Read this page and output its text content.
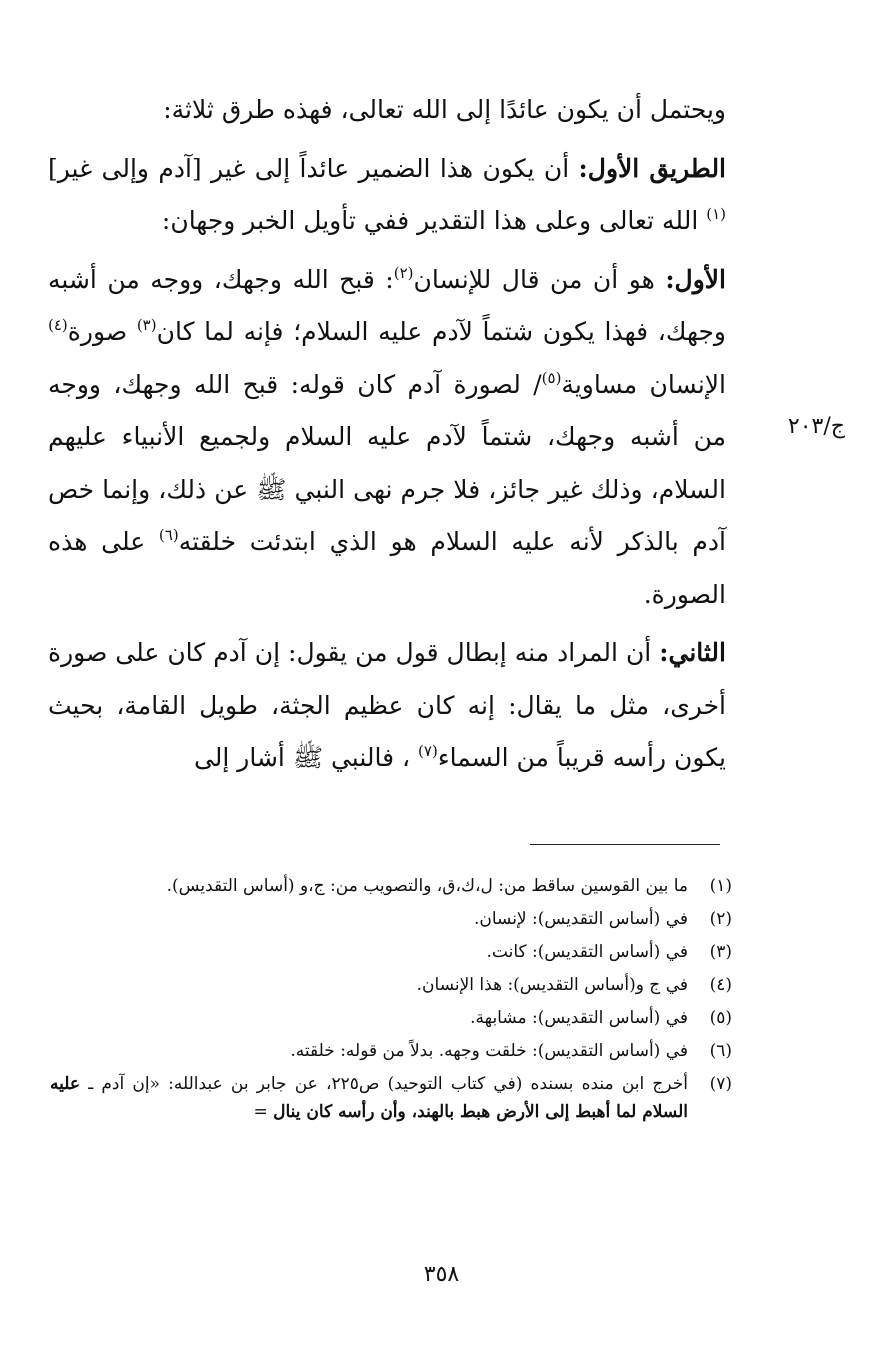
ويحتمل أن يكون عائدًا إلى الله تعالى، فهذه طرق ثلاثة:

الطريق الأول: أن يكون هذا الضمير عائداً إلى غير [آدم وإلى غير]$^{(١)}$ الله تعالى وعلى هذا التقدير ففي تأويل الخبر وجهان:

الأول: هو أن من قال للإنسان$^{(٢)}$: قبح الله وجهك، ووجه من أشبه وجهك، فهذا يكون شتماً لآدم عليه السلام؛ فإنه لما كان$^{(٣)}$ صورة$^{(٤)}$ الإنسان مساوية$^{(٥)}$/ لصورة آدم كان قوله: قبح الله وجهك، ووجه من أشبه وجهك، شتماً لآدم عليه السلام ولجميع الأنبياء عليهم السلام، وذلك غير جائز، فلا جرم نهى النبي ﷺ عن ذلك، وإنما خص آدم بالذكر لأنه عليه السلام هو الذي ابتدئت خلقته$^{(٦)}$ على هذه الصورة.

الثاني: أن المراد منه إبطال قول من يقول: إن آدم كان على صورة أخرى، مثل ما يقال: إنه كان عظيم الجثة، طويل القامة، بحيث يكون رأسه قريباً من السماء$^{(٧)}$ ، فالنبي ﷺ أشار إلى

ج/٢٠٣
(١)
ما بين القوسين ساقط من: ل،ك،ق، والتصويب من: ج،و (أساس التقديس).
(٢)
في (أساس التقديس): لإنسان.
(٣)
في (أساس التقديس): كانت.
(٤)
في ج و(أساس التقديس): هذا الإنسان.
(٥)
في (أساس التقديس): مشابهة.
(٦)
في (أساس التقديس): خلقت وجهه. بدلاً من قوله: خلقته.
(٧)
أخرج ابن منده بسنده (في كتاب التوحيد) ص٢٢٥، عن جابر بن عبدالله: «إن آدم ـ عليه السلام لما أهبط إلى الأرض هبط بالهند، وأن رأسه كان ينال =
٣٥٨
